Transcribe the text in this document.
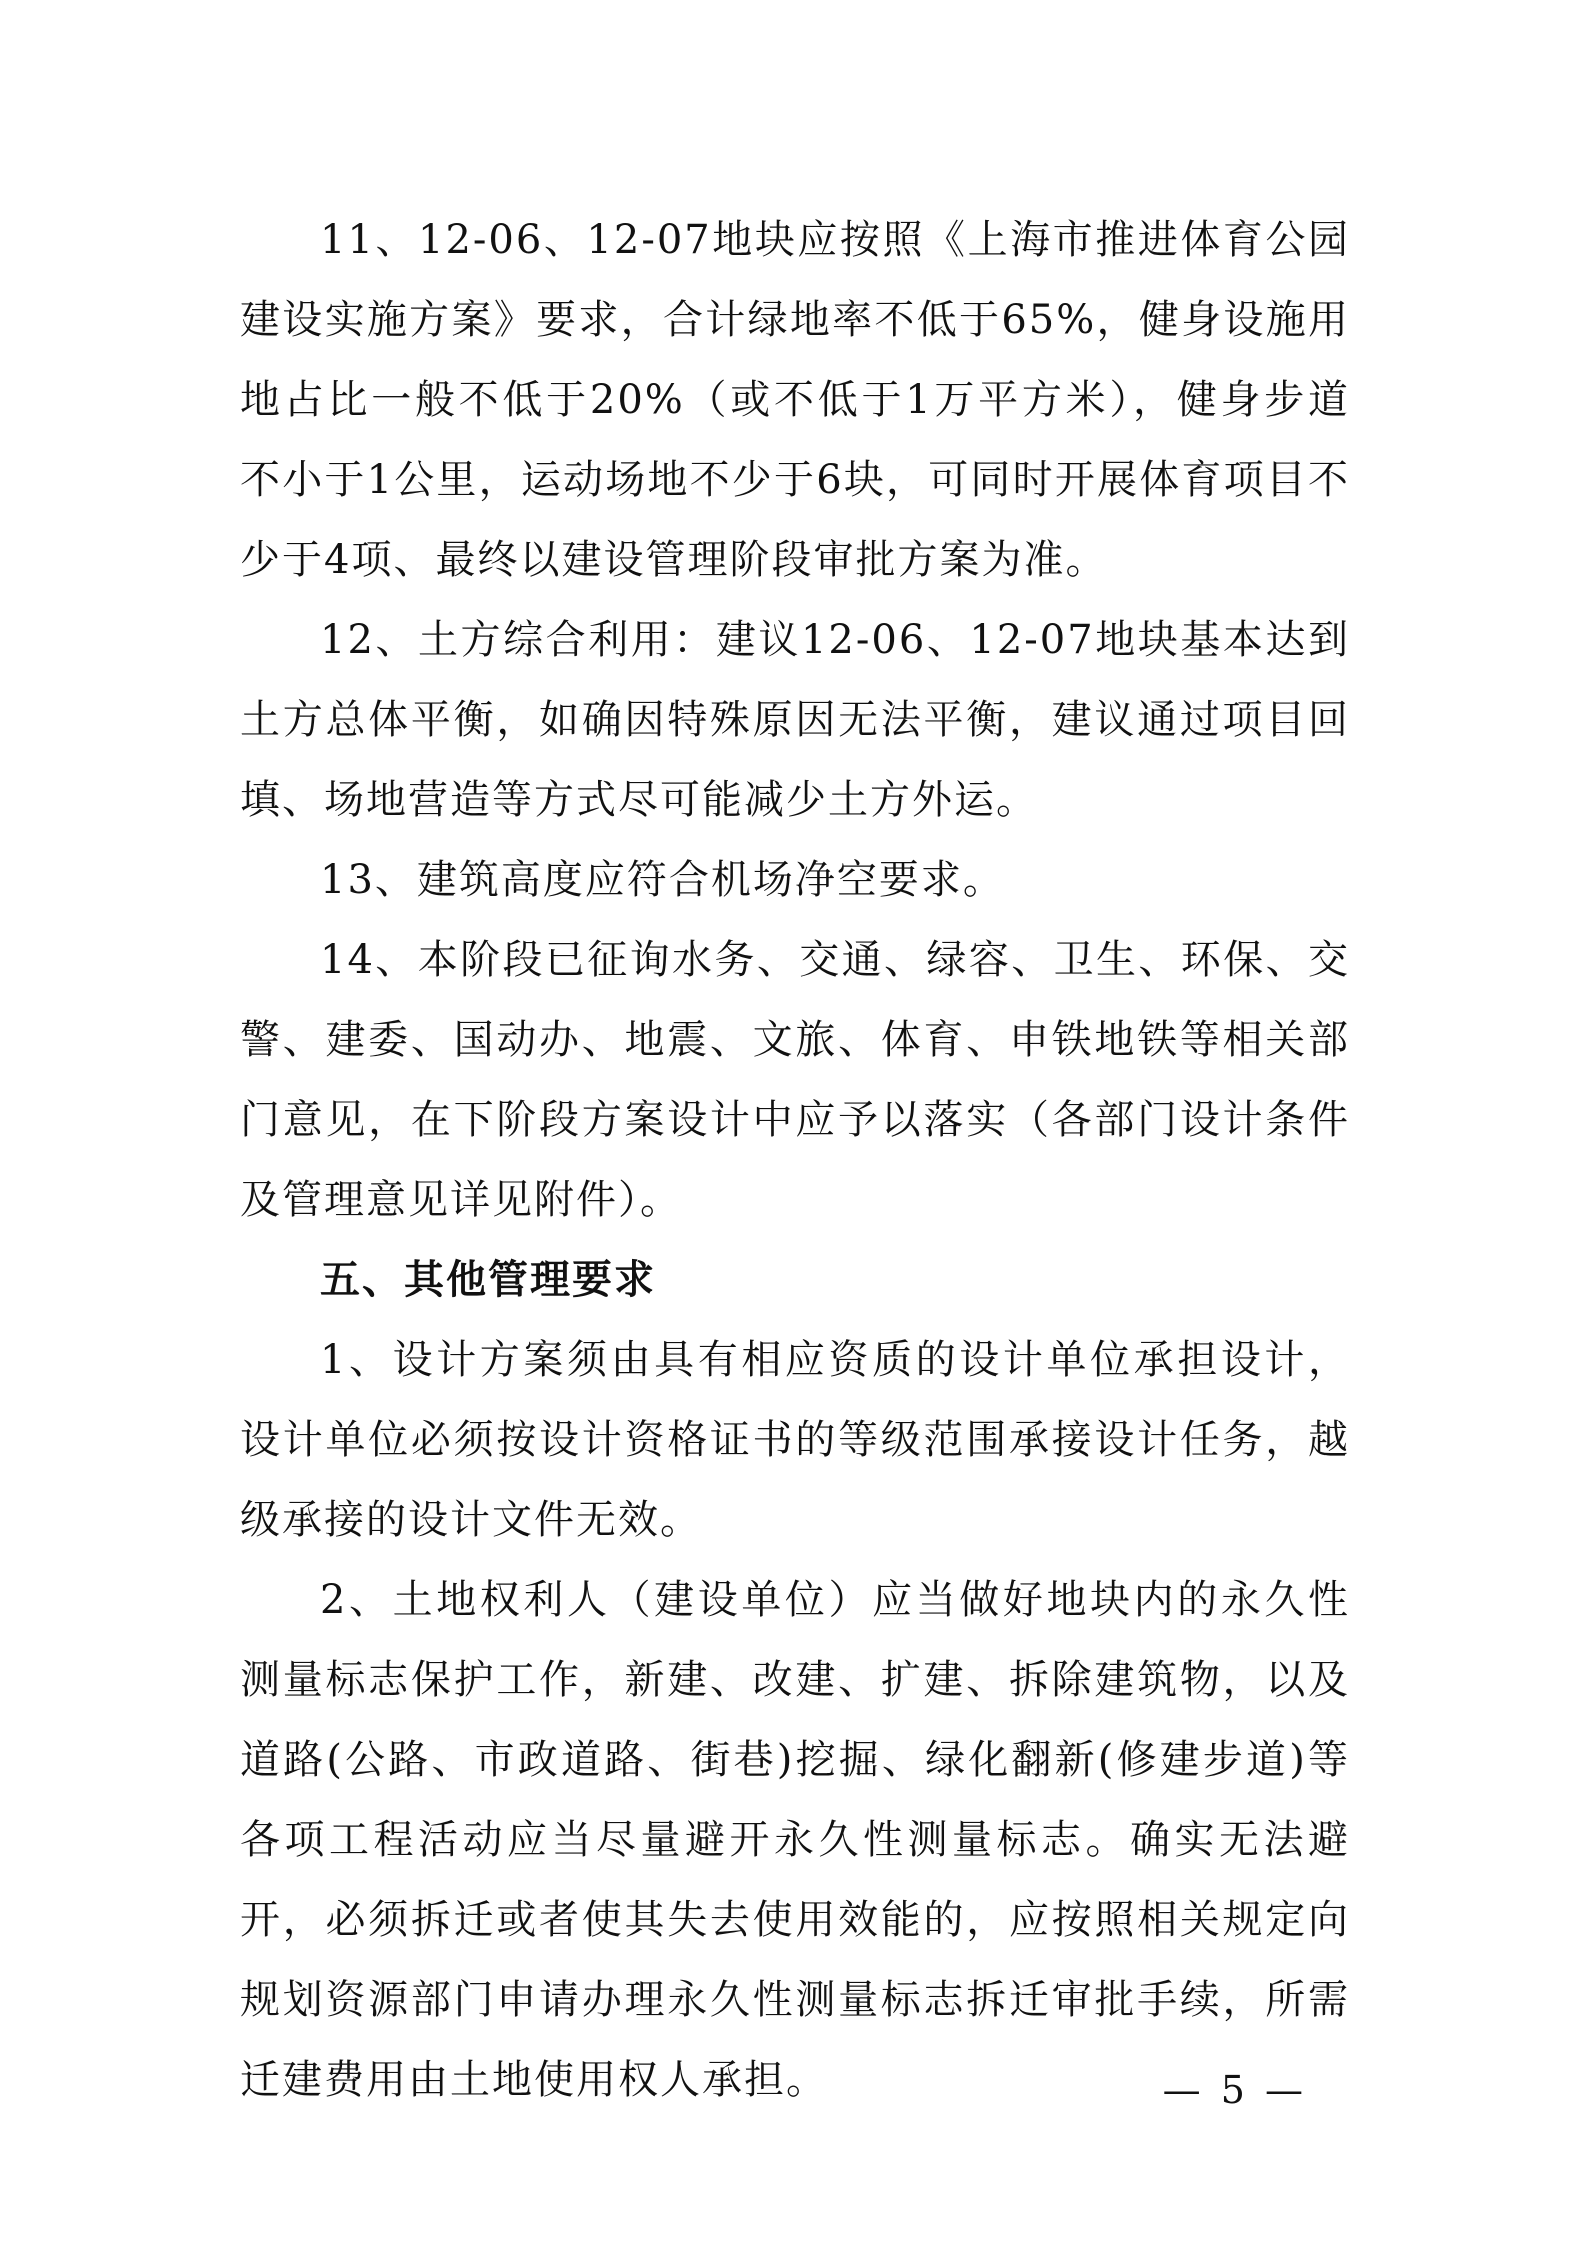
11、12-06、12-07地块应按照《上海市推进体育公园建设实施方案》要求，合计绿地率不低于65%，健身设施用地占比一般不低于20%（或不低于1万平方米），健身步道不小于1公里，运动场地不少于6块，可同时开展体育项目不少于4项、最终以建设管理阶段审批方案为准。

12、土方综合利用：建议12-06、12-07地块基本达到土方总体平衡，如确因特殊原因无法平衡，建议通过项目回填、场地营造等方式尽可能减少土方外运。

13、建筑高度应符合机场净空要求。

14、本阶段已征询水务、交通、绿容、卫生、环保、交警、建委、国动办、地震、文旅、体育、申铁地铁等相关部门意见，在下阶段方案设计中应予以落实（各部门设计条件及管理意见详见附件）。

五、其他管理要求

1、设计方案须由具有相应资质的设计单位承担设计，设计单位必须按设计资格证书的等级范围承接设计任务，越级承接的设计文件无效。

2、土地权利人（建设单位）应当做好地块内的永久性测量标志保护工作，新建、改建、扩建、拆除建筑物，以及道路(公路、市政道路、街巷)挖掘、绿化翻新(修建步道)等各项工程活动应当尽量避开永久性测量标志。确实无法避开，必须拆迁或者使其失去使用效能的，应按照相关规定向规划资源部门申请办理永久性测量标志拆迁审批手续，所需迁建费用由土地使用权人承担。	— 5 —
